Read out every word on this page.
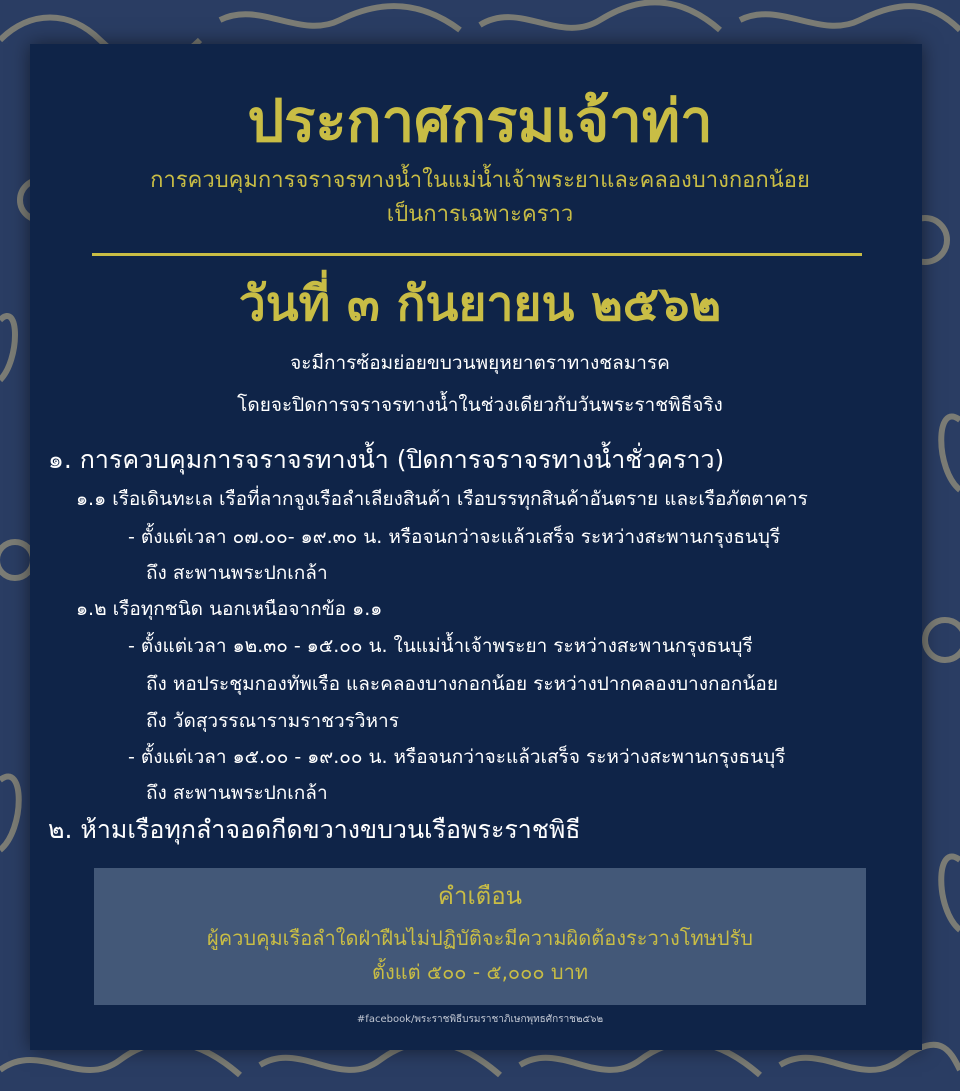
ประกาศกรมเจ้าท่า
การควบคุมการจราจรทางน้ำในแม่น้ำเจ้าพระยาและคลองบางกอกน้อย
เป็นการเฉพาะคราว
วันที่ ๓ กันยายน ๒๕๖๒
จะมีการซ้อมย่อยขบวนพยุหยาตราทางชลมารค
โดยจะปิดการจราจรทางน้ำในช่วงเดียวกับวันพระราชพิธีจริง
๑. การควบคุมการจราจรทางน้ำ (ปิดการจราจรทางน้ำชั่วคราว)
๑.๑ เรือเดินทะเล เรือที่ลากจูงเรือลำเลียงสินค้า เรือบรรทุกสินค้าอันตราย และเรือภัตตาคาร
- ตั้งแต่เวลา ๐๗.๐๐- ๑๙.๓๐ น. หรือจนกว่าจะแล้วเสร็จ ระหว่างสะพานกรุงธนบุรี
ถึง สะพานพระปกเกล้า
๑.๒ เรือทุกชนิด นอกเหนือจากข้อ ๑.๑
- ตั้งแต่เวลา ๑๒.๓๐ - ๑๕.๐๐ น. ในแม่น้ำเจ้าพระยา ระหว่างสะพานกรุงธนบุรี
ถึง หอประชุมกองทัพเรือ และคลองบางกอกน้อย ระหว่างปากคลองบางกอกน้อย
ถึง วัดสุวรรณารามราชวรวิหาร
- ตั้งแต่เวลา ๑๕.๐๐ - ๑๙.๐๐ น. หรือจนกว่าจะแล้วเสร็จ ระหว่างสะพานกรุงธนบุรี
ถึง สะพานพระปกเกล้า
๒. ห้ามเรือทุกลำจอดกีดขวางขบวนเรือพระราชพิธี
คำเตือน
ผู้ควบคุมเรือลำใดฝ่าฝืนไม่ปฏิบัติจะมีความผิดต้องระวางโทษปรับ
ตั้งแต่ ๕๐๐ - ๕,๐๐๐ บาท
#facebook/พระราชพิธีบรมราชาภิเษกพุทธศักราช๒๕๖๒
